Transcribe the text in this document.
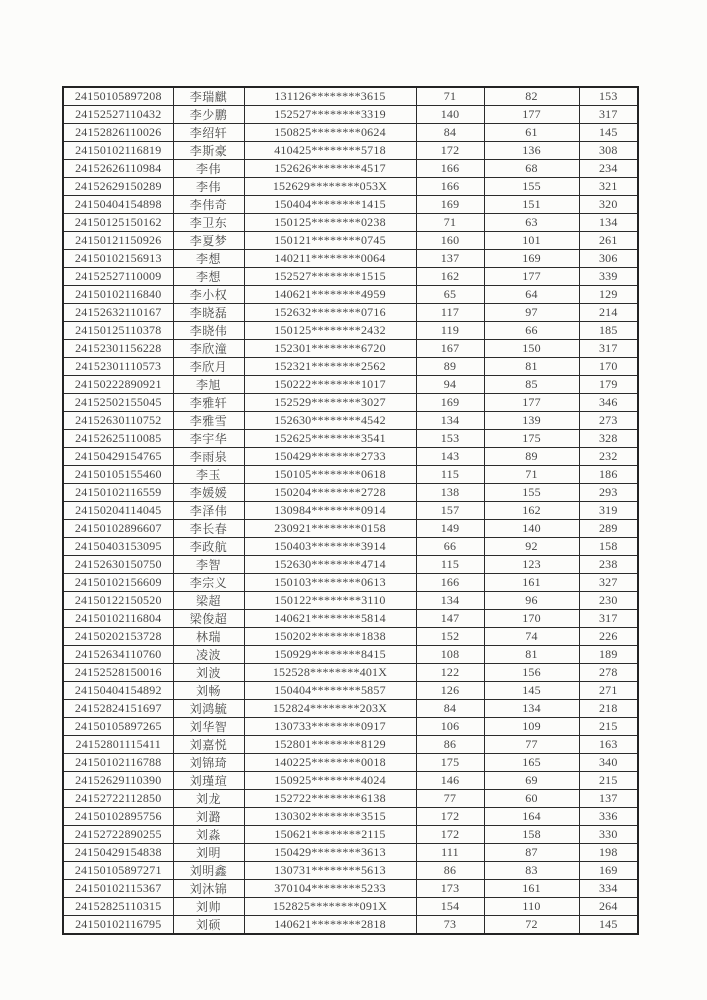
24150105897208	李瑞麒	131126********3615	71	82	153
24152527110432	李少鹏	152527********3319	140	177	317
24152826110026	李绍轩	150825********0624	84	61	145
24150102116819	李斯豪	410425********5718	172	136	308
24152626110984	李伟	152626********4517	166	68	234
24152629150289	李伟	152629********053X	166	155	321
24150404154898	李伟奇	150404********1415	169	151	320
24150125150162	李卫东	150125********0238	71	63	134
24150121150926	李夏梦	150121********0745	160	101	261
24150102156913	李想	140211********0064	137	169	306
24152527110009	李想	152527********1515	162	177	339
24150102116840	李小权	140621********4959	65	64	129
24152632110167	李晓磊	152632********0716	117	97	214
24150125110378	李晓伟	150125********2432	119	66	185
24152301156228	李欣潼	152301********6720	167	150	317
24152301110573	李欣月	152321********2562	89	81	170
24150222890921	李旭	150222********1017	94	85	179
24152502155045	李雅轩	152529********3027	169	177	346
24152630110752	李雅雪	152630********4542	134	139	273
24152625110085	李宇华	152625********3541	153	175	328
24150429154765	李雨泉	150429********2733	143	89	232
24150105155460	李玉	150105********0618	115	71	186
24150102116559	李媛媛	150204********2728	138	155	293
24150204114045	李泽伟	130984********0914	157	162	319
24150102896607	李长春	230921********0158	149	140	289
24150403153095	李政航	150403********3914	66	92	158
24152630150750	李智	152630********4714	115	123	238
24150102156609	李宗义	150103********0613	166	161	327
24150122150520	梁超	150122********3110	134	96	230
24150102116804	梁俊超	140621********5814	147	170	317
24150202153728	林瑞	150202********1838	152	74	226
24152634110760	凌波	150929********8415	108	81	189
24152528150016	刘波	152528********401X	122	156	278
24150404154892	刘畅	150404********5857	126	145	271
24152824151697	刘鸿毓	152824********203X	84	134	218
24150105897265	刘华智	130733********0917	106	109	215
24152801115411	刘嘉悦	152801********8129	86	77	163
24150102116788	刘锦琦	140225********0018	175	165	340
24152629110390	刘瑾瑄	150925********4024	146	69	215
24152722112850	刘龙	152722********6138	77	60	137
24150102895756	刘潞	130302********3515	172	164	336
24152722890255	刘淼	150621********2115	172	158	330
24150429154838	刘明	150429********3613	111	87	198
24150105897271	刘明鑫	130731********5613	86	83	169
24150102115367	刘沐锦	370104********5233	173	161	334
24152825110315	刘帅	152825********091X	154	110	264
24150102116795	刘硕	140621********2818	73	72	145
